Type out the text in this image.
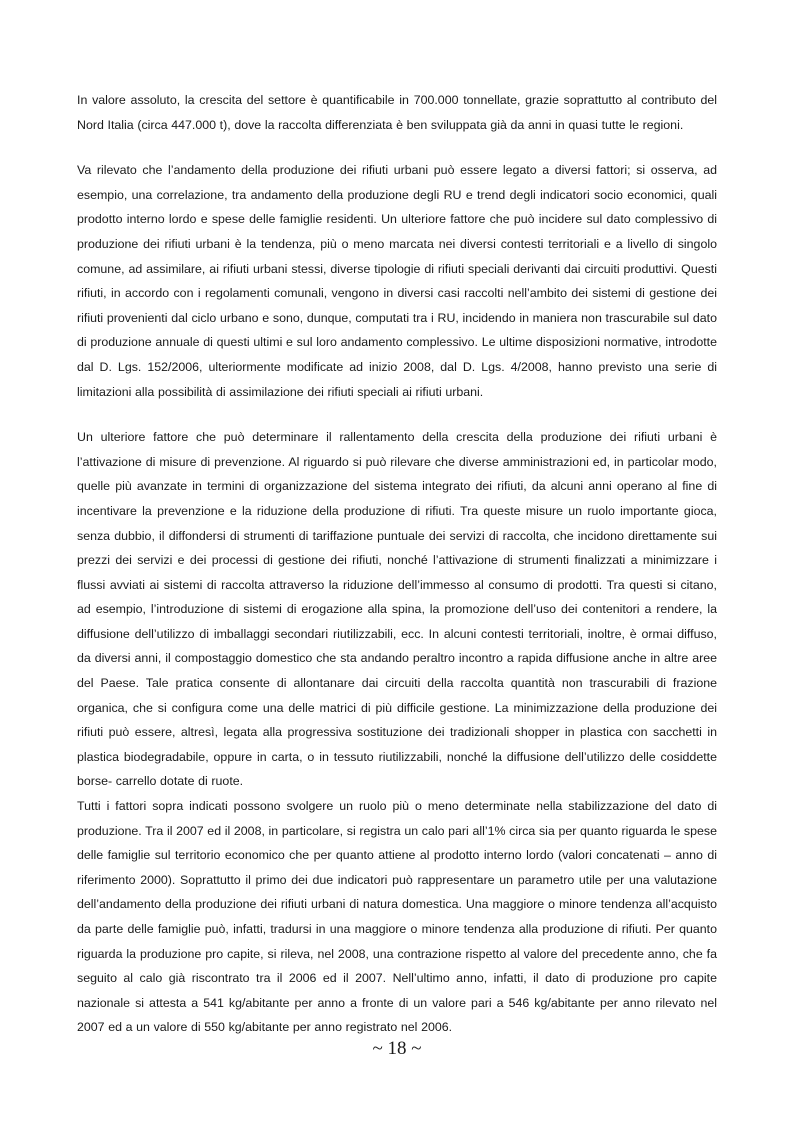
In valore assoluto, la crescita del settore è quantificabile in 700.000 tonnellate, grazie soprattutto al contributo del Nord Italia (circa 447.000 t), dove la raccolta differenziata è ben sviluppata già da anni in quasi tutte le regioni.

Va rilevato che l’andamento della produzione dei rifiuti urbani può essere legato a diversi fattori; si osserva, ad esempio, una correlazione, tra andamento della produzione degli RU e trend degli indicatori socio economici, quali prodotto interno lordo e spese delle famiglie residenti. Un ulteriore fattore che può incidere sul dato complessivo di produzione dei rifiuti urbani è la tendenza, più o meno marcata nei diversi contesti territoriali e a livello di singolo comune, ad assimilare, ai rifiuti urbani stessi, diverse tipologie di rifiuti speciali derivanti dai circuiti produttivi. Questi rifiuti, in accordo con i regolamenti comunali, vengono in diversi casi raccolti nell’ambito dei sistemi di gestione dei rifiuti provenienti dal ciclo urbano e sono, dunque, computati tra i RU, incidendo in maniera non trascurabile sul dato di produzione annuale di questi ultimi e sul loro andamento complessivo. Le ultime disposizioni normative, introdotte dal D. Lgs. 152/2006, ulteriormente modificate ad inizio 2008, dal D. Lgs. 4/2008, hanno previsto una serie di limitazioni alla possibilità di assimilazione dei rifiuti speciali ai rifiuti urbani.

Un ulteriore fattore che può determinare il rallentamento della crescita della produzione dei rifiuti urbani è l’attivazione di misure di prevenzione. Al riguardo si può rilevare che diverse amministrazioni ed, in particolar modo, quelle più avanzate in termini di organizzazione del sistema integrato dei rifiuti, da alcuni anni operano al fine di incentivare la prevenzione e la riduzione della produzione di rifiuti. Tra queste misure un ruolo importante gioca, senza dubbio, il diffondersi di strumenti di tariffazione puntuale dei servizi di raccolta, che incidono direttamente sui prezzi dei servizi e dei processi di gestione dei rifiuti, nonché l’attivazione di strumenti finalizzati a minimizzare i flussi avviati ai sistemi di raccolta attraverso la riduzione dell’immesso al consumo di prodotti. Tra questi si citano, ad esempio, l’introduzione di sistemi di erogazione alla spina, la promozione dell’uso dei contenitori a rendere, la diffusione dell’utilizzo di imballaggi secondari riutilizzabili, ecc. In alcuni contesti territoriali, inoltre, è ormai diffuso, da diversi anni, il compostaggio domestico che sta andando peraltro incontro a rapida diffusione anche in altre aree del Paese. Tale pratica consente di allontanare dai circuiti della raccolta quantità non trascurabili di frazione organica, che si configura come una delle matrici di più difficile gestione. La minimizzazione della produzione dei rifiuti può essere, altresì, legata alla progressiva sostituzione dei tradizionali shopper in plastica con sacchetti in plastica biodegradabile, oppure in carta, o in tessuto riutilizzabili, nonché la diffusione dell’utilizzo delle cosiddette borse- carrello dotate di ruote.

Tutti i fattori sopra indicati possono svolgere un ruolo più o meno determinate nella stabilizzazione del dato di produzione. Tra il 2007 ed il 2008, in particolare, si registra un calo pari all’1% circa sia per quanto riguarda le spese delle famiglie sul territorio economico che per quanto attiene al prodotto interno lordo (valori concatenati – anno di riferimento 2000). Soprattutto il primo dei due indicatori può rappresentare un parametro utile per una valutazione dell’andamento della produzione dei rifiuti urbani di natura domestica. Una maggiore o minore tendenza all’acquisto da parte delle famiglie può, infatti, tradursi in una maggiore o minore tendenza alla produzione di rifiuti. Per quanto riguarda la produzione pro capite, si rileva, nel 2008, una contrazione rispetto al valore del precedente anno, che fa seguito al calo già riscontrato tra il 2006 ed il 2007. Nell’ultimo anno, infatti, il dato di produzione pro capite nazionale si attesta a 541 kg/abitante per anno a fronte di un valore pari a 546 kg/abitante per anno rilevato nel 2007 ed a un valore di 550 kg/abitante per anno registrato nel 2006.

~ 18 ~
